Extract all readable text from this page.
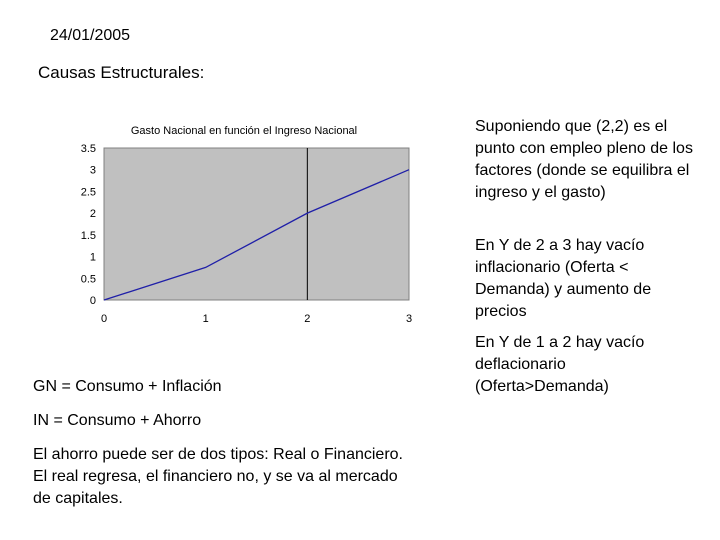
24/01/2005
Causas Estructurales:
Gasto Nacional en función el Ingreso Nacional
0
0.5
1
1.5
2
2.5
3
3.5
0	1	2	3
Suponiendo que (2,2) es el punto con empleo pleno de los factores (donde se equilibra el ingreso y el gasto)
En Y de 2 a 3 hay vacío inflacionario (Oferta < Demanda) y aumento de precios
En Y de 1 a 2 hay vacío deflacionario (Oferta>Demanda)
GN = Consumo + Inflación
IN = Consumo + Ahorro
El ahorro puede ser de dos tipos: Real o Financiero. El real regresa, el financiero no, y se va al mercado de capitales.
